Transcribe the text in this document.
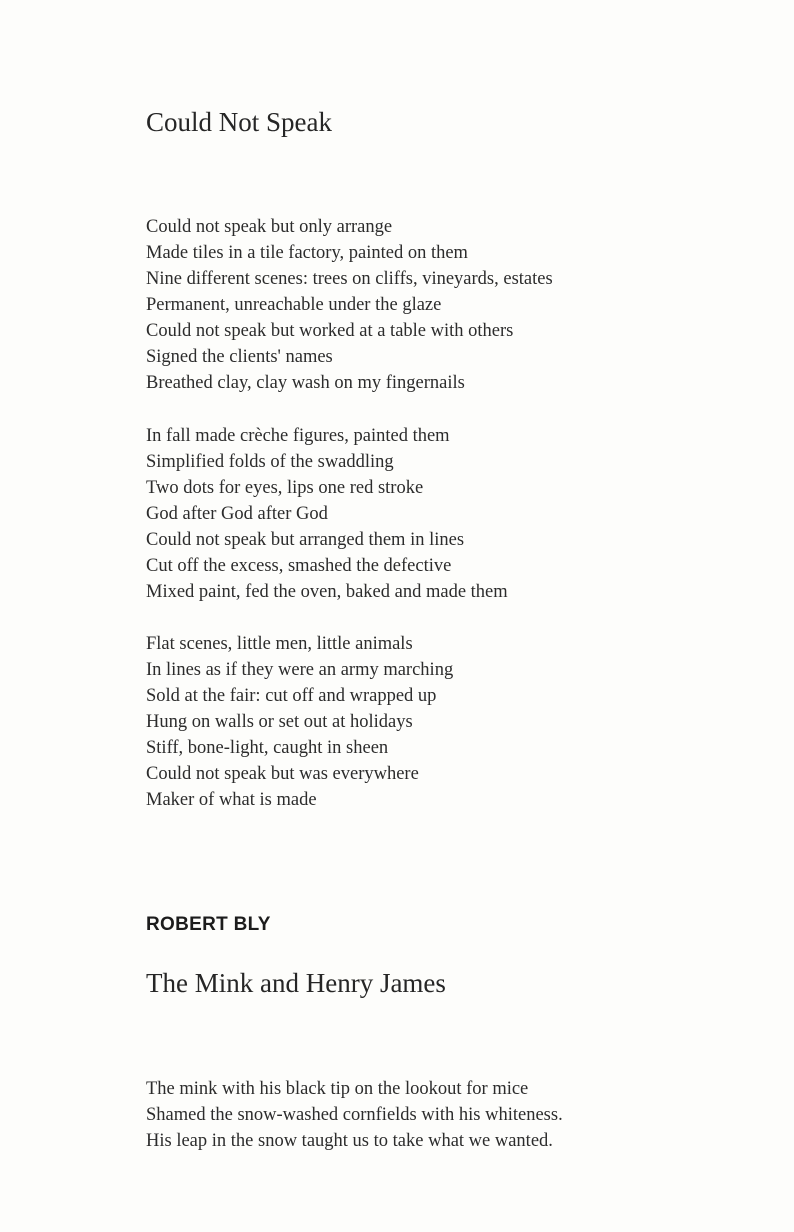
Could Not Speak
Could not speak but only arrange
Made tiles in a tile factory, painted on them
Nine different scenes: trees on cliffs, vineyards, estates
Permanent, unreachable under the glaze
Could not speak but worked at a table with others
Signed the clients' names
Breathed clay, clay wash on my fingernails
In fall made crèche figures, painted them
Simplified folds of the swaddling
Two dots for eyes, lips one red stroke
God after God after God
Could not speak but arranged them in lines
Cut off the excess, smashed the defective
Mixed paint, fed the oven, baked and made them
Flat scenes, little men, little animals
In lines as if they were an army marching
Sold at the fair: cut off and wrapped up
Hung on walls or set out at holidays
Stiff, bone-light, caught in sheen
Could not speak but was everywhere
Maker of what is made
ROBERT BLY
The Mink and Henry James
The mink with his black tip on the lookout for mice
Shamed the snow-washed cornfields with his whiteness.
His leap in the snow taught us to take what we wanted.
